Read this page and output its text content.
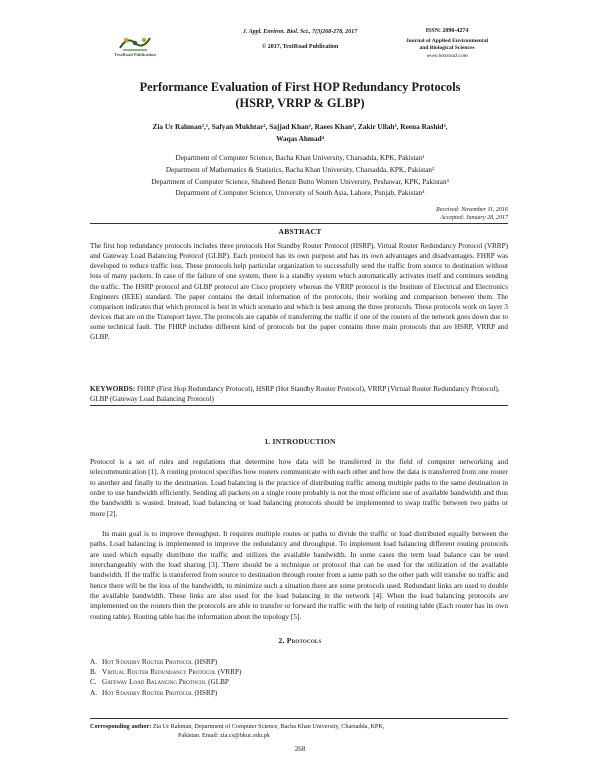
TextRoad Publication
J. Appl. Environ. Biol. Sci., 7(3)268-278, 2017
© 2017, TextRoad Publication
ISSN: 2090-4274
Journal of Applied Environmental
and Biological Sciences
www.textroad.com
Performance Evaluation of First HOP Redundancy Protocols
(HSRP, VRRP & GLBP)
Zia Ur Rahman¹,¹, Safyan Mukhtar², Sajjad Khan², Raees Khan², Zakir Ullah³, Reena Rashid³,
Waqas Ahmad⁴
Department of Computer Science, Bacha Khan University, Charsadda, KPK, Pakistan¹
Department of Mathematics & Statistics, Bacha Khan University, Charsadda, KPK, Pakistan²
Department of Computer Science, Shaheed Benzir Butto Women University, Peshawar, KPK, Pakistan³
Department of Computer Science, University of South Asia, Lahore, Punjab, Pakistan⁴
Received: November 11, 2016
Accepted: January 28, 2017
ABSTRACT
The first hop redundancy protocols includes three protocols Hot Standby Router Protocol (HSRP), Virtual Router Redundancy Protocol (VRRP) and Gateway Load Balancing Protocol (GLBP). Each protocol has its own purpose and has its own advantages and disadvantages. FHRP was developed to reduce traffic loss. These protocols help particular organization to successfully send the traffic from source to destination without loss of many packets. In case of the failure of one system, there is a standby system which automatically activates itself and continues sending the traffic. The HSRP protocol and GLBP protocol are Cisco propriety whereas the VRRP protocol is the Institute of Electrical and Electronics Engineers (IEEE) standard. The paper contains the detail information of the protocols, their working and comparison between them. The comparison indicates that which protocol is best in which scenario and which is best among the three protocols. These protocols work on layer 3 devices that are on the Transport layer. The protocols are capable of transferring the traffic if one of the routers of the network goes down due to some technical fault. The FHRP includes different kind of protocols but the paper contains three main protocols that are HSRP, VRRP and GLBP.
KEYWORDS: FHRP (First Hop Redundancy Protocol), HSRP (Hot Standby Router Protocol), VRRP (Virtual Router Redundancy Protocol), GLBP (Gateway Load Balancing Protocol)
1. INTRODUCTION
Protocol is a set of rules and regulations that determine how data will be transferred in the field of computer networking and telecommunication [1]. A routing protocol specifies how routers communicate with each other and how the data is transferred from one router to another and finally to the destination. Load balancing is the practice of distributing traffic among multiple paths to the same destination in order to use bandwidth efficiently. Sending all packets on a single route probably is not the most efficient use of available bandwidth and thus the bandwidth is wasted. Instead, load balancing or load balancing protocols should be implemented to swap traffic between two paths or more [2].
Its main goal is to improve throughput. It requires multiple routes or paths to divide the traffic or load distributed equally between the paths. Load balancing is implemented to improve the redundancy and throughput. To implement load balancing different routing protocols are used which equally distribute the traffic and utilizes the available bandwidth. In some cases the term load balance can be used interchangeably with the load sharing [3]. There should be a technique or protocol that can be used for the utilization of the available bandwidth. If the traffic is transferred from source to destination through router from a same path so the other path will transfer no traffic and hence there will be the loss of the bandwidth, to minimize such a situation there are some protocols used. Redundant links are used to double the available bandwidth. These links are also used for the load balancing in the network [4]. When the load balancing protocols are implemented on the routers then the protocols are able to transfer or forward the traffic with the help of routing table (Each router has its own routing table). Routing table has the information about the topology [5].
2. Protocols
A. Hot Standby Router Protocol (HSRP)
B. Virtual Router Redundancy Protocol (VRRP)
C. Gateway Load Balancing Protocol (GLBP
A. Hot Standby Router Protocol (HSRP)
Corresponding author: Zia Ur Rahman, Department of Computer Science, Bacha Khan University, Charsadda, KPK,
Pakistan. Email: zia.cs@bkuc.edu.pk
268
